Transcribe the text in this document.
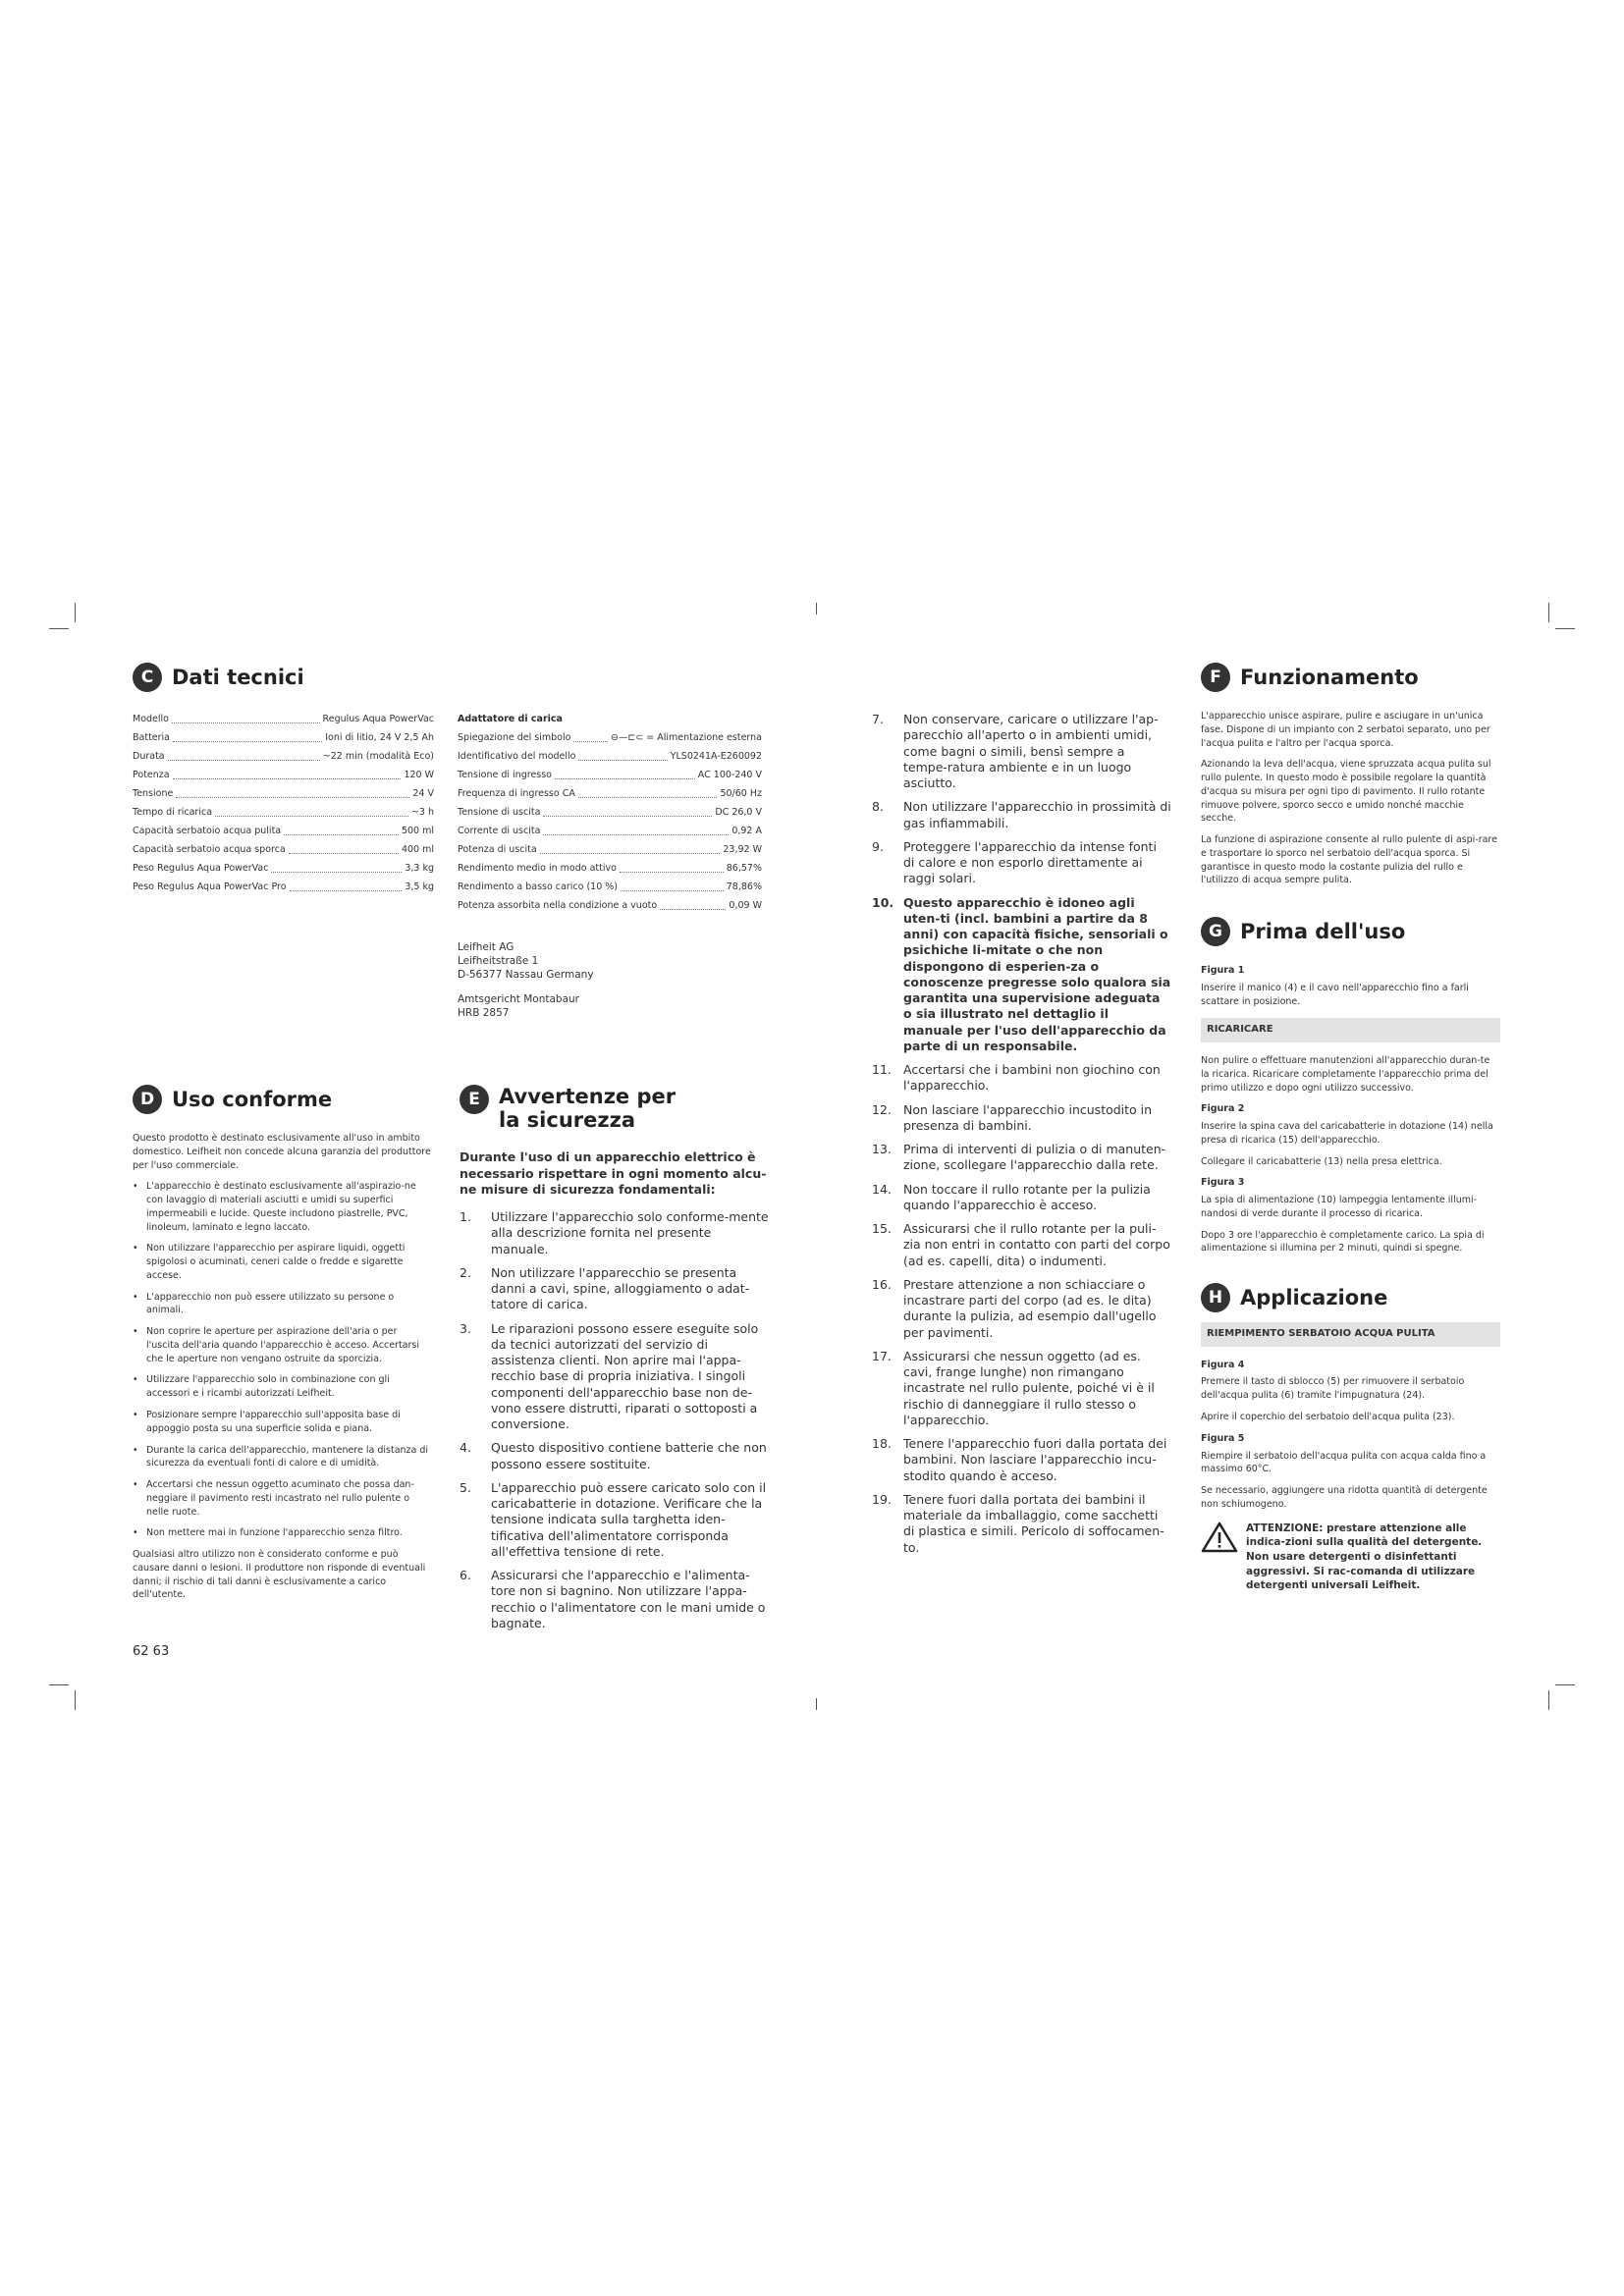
C Dati tecnici
Modello	Regulus Aqua PowerVac
Batteria	Ioni di litio, 24 V 2,5 Ah
Durata	~22 min (modalità Eco)
Potenza	120 W
Tensione	24 V
Tempo di ricarica	~3 h
Capacità serbatoio acqua pulita	500 ml
Capacità serbatoio acqua sporca	400 ml
Peso Regulus Aqua PowerVac	3,3 kg
Peso Regulus Aqua PowerVac Pro	3,5 kg
Adattatore di carica
Spiegazione del simbolo	⊖—⊏⊂ = Alimentazione esterna
Identificativo del modello	YLS0241A-E260092
Tensione di ingresso	AC 100-240 V
Frequenza di ingresso CA	50/60 Hz
Tensione di uscita	DC 26,0 V
Corrente di uscita	0,92 A
Potenza di uscita	23,92 W
Rendimento medio in modo attivo	86,57%
Rendimento a basso carico (10 %)	78,86%
Potenza assorbita nella condizione a vuoto	0,09 W
Leifheit AG
Leifheitstraße 1
D-56377 Nassau Germany
Amtsgericht Montabaur
HRB 2857
D Uso conforme
Questo prodotto è destinato esclusivamente all'uso in ambito domestico. Leifheit non concede alcuna garanzia del produttore per l'uso commerciale.
• L'apparecchio è destinato esclusivamente all'aspirazio-ne con lavaggio di materiali asciutti e umidi su superfici impermeabili e lucide. Queste includono piastrelle, PVC, linoleum, laminato e legno laccato.
• Non utilizzare l'apparecchio per aspirare liquidi, oggetti spigolosi o acuminati, ceneri calde o fredde e sigarette accese.
• L'apparecchio non può essere utilizzato su persone o animali.
• Non coprire le aperture per aspirazione dell'aria o per l'uscita dell'aria quando l'apparecchio è acceso. Accertarsi che le aperture non vengano ostruite da sporcizia.
• Utilizzare l'apparecchio solo in combinazione con gli accessori e i ricambi autorizzati Leifheit.
• Posizionare sempre l'apparecchio sull'apposita base di appoggio posta su una superficie solida e piana.
• Durante la carica dell'apparecchio, mantenere la distanza di sicurezza da eventuali fonti di calore e di umidità.
• Accertarsi che nessun oggetto acuminato che possa dan-neggiare il pavimento resti incastrato nel rullo pulente o nelle ruote.
• Non mettere mai in funzione l'apparecchio senza filtro.
Qualsiasi altro utilizzo non è considerato conforme e può causare danni o lesioni. Il produttore non risponde di eventuali danni; il rischio di tali danni è esclusivamente a carico dell'utente.
E Avvertenze per
la sicurezza
Durante l'uso di un apparecchio elettrico è necessario rispettare in ogni momento alcu-ne misure di sicurezza fondamentali:
1.	Utilizzare l'apparecchio solo conforme-mente alla descrizione fornita nel presente manuale.
2.	Non utilizzare l'apparecchio se presenta danni a cavi, spine, alloggiamento o adat-tatore di carica.
3.	Le riparazioni possono essere eseguite solo da tecnici autorizzati del servizio di assistenza clienti. Non aprire mai l'appa-recchio base di propria iniziativa. I singoli componenti dell'apparecchio base non de-vono essere distrutti, riparati o sottoposti a conversione.
4.	Questo dispositivo contiene batterie che non possono essere sostituite.
5.	L'apparecchio può essere caricato solo con il caricabatterie in dotazione. Verificare che la tensione indicata sulla targhetta iden-tificativa dell'alimentatore corrisponda all'effettiva tensione di rete.
6.	Assicurarsi che l'apparecchio e l'alimenta-tore non si bagnino. Non utilizzare l'appa-recchio o l'alimentatore con le mani umide o bagnate.
62 63
7.	Non conservare, caricare o utilizzare l'ap-parecchio all'aperto o in ambienti umidi, come bagni o simili, bensì sempre a tempe-ratura ambiente e in un luogo asciutto.
8.	Non utilizzare l'apparecchio in prossimità di gas infiammabili.
9.	Proteggere l'apparecchio da intense fonti di calore e non esporlo direttamente ai raggi solari.
10. Questo apparecchio è idoneo agli uten-ti (incl. bambini a partire da 8 anni) con capacità fisiche, sensoriali o psichiche li-mitate o che non dispongono di esperien-za o conoscenze pregresse solo qualora sia garantita una supervisione adeguata o sia illustrato nel dettaglio il manuale per l'uso dell'apparecchio da parte di un responsabile.
11. Accertarsi che i bambini non giochino con l'apparecchio.
12. Non lasciare l'apparecchio incustodito in presenza di bambini.
13. Prima di interventi di pulizia o di manuten-zione, scollegare l'apparecchio dalla rete.
14. Non toccare il rullo rotante per la pulizia quando l'apparecchio è acceso.
15. Assicurarsi che il rullo rotante per la puli-zia non entri in contatto con parti del corpo (ad es. capelli, dita) o indumenti.
16. Prestare attenzione a non schiacciare o incastrare parti del corpo (ad es. le dita) durante la pulizia, ad esempio dall'ugello per pavimenti.
17. Assicurarsi che nessun oggetto (ad es. cavi, frange lunghe) non rimangano incastrate nel rullo pulente, poiché vi è il rischio di danneggiare il rullo stesso o l'apparecchio.
18. Tenere l'apparecchio fuori dalla portata dei bambini. Non lasciare l'apparecchio incu-stodito quando è acceso.
19. Tenere fuori dalla portata dei bambini il materiale da imballaggio, come sacchetti di plastica e simili. Pericolo di soffocamen-to.
F Funzionamento

L'apparecchio unisce aspirare, pulire e asciugare in un'unica fase. Dispone di un impianto con 2 serbatoi separato, uno per l'acqua pulita e l'altro per l'acqua sporca.

Azionando la leva dell'acqua, viene spruzzata acqua pulita sul rullo pulente. In questo modo è possibile regolare la quantità d'acqua su misura per ogni tipo di pavimento. Il rullo rotante rimuove polvere, sporco secco e umido nonché macchie secche.

La funzione di aspirazione consente al rullo pulente di aspi-rare e trasportare lo sporco nel serbatoio dell'acqua sporca. Si garantisce in questo modo la costante pulizia del rullo e l'utilizzo di acqua sempre pulita.

G Prima dell'uso
Figura 1
Inserire il manico (4) e il cavo nell'apparecchio fino a farli scattare in posizione.
RICARICARE
Non pulire o effettuare manutenzioni all'apparecchio duran-te la ricarica. Ricaricare completamente l'apparecchio prima del primo utilizzo e dopo ogni utilizzo successivo.
Figura 2
Inserire la spina cava del caricabatterie in dotazione (14) nella presa di ricarica (15) dell'apparecchio.
Collegare il caricabatterie (13) nella presa elettrica.
Figura 3
La spia di alimentazione (10) lampeggia lentamente illumi-nandosi di verde durante il processo di ricarica.
Dopo 3 ore l'apparecchio è completamente carico. La spia di alimentazione si illumina per 2 minuti, quindi si spegne.
H Applicazione
RIEMPIMENTO SERBATOIO ACQUA PULITA
Figura 4
Premere il tasto di sblocco (5) per rimuovere il serbatoio dell'acqua pulita (6) tramite l'impugnatura (24).
Aprire il coperchio del serbatoio dell'acqua pulita (23).
Figura 5
Riempire il serbatoio dell'acqua pulita con acqua calda fino a massimo 60°C.
Se necessario, aggiungere una ridotta quantità di detergente non schiumogeno.
ATTENZIONE: prestare attenzione alle indica-zioni sulla qualità del detergente. Non usare detergenti o disinfettanti aggressivi. Si rac-comanda di utilizzare detergenti universali Leifheit.
